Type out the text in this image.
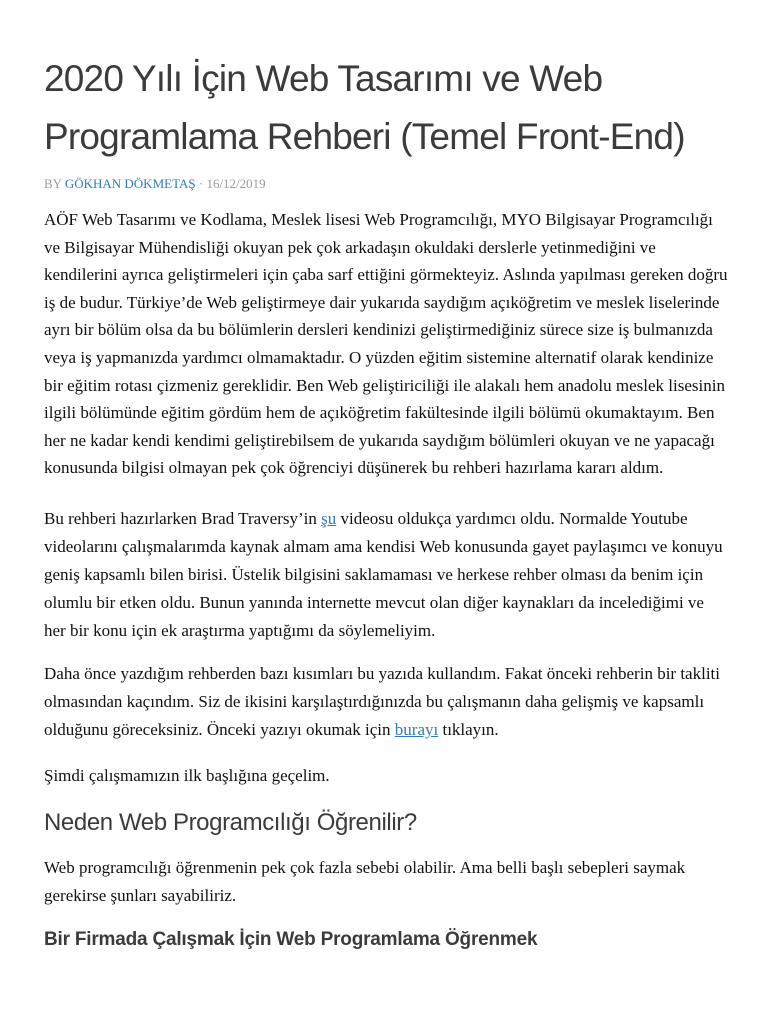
2020 Yılı İçin Web Tasarımı ve Web
Programlama Rehberi (Temel Front-End)
BY GÖKHAN DÖKMETAŞ · 16/12/2019

AÖF Web Tasarımı ve Kodlama, Meslek lisesi Web Programcılığı, MYO Bilgisayar Programcılığı
ve Bilgisayar Mühendisliği okuyan pek çok arkadaşın okuldaki derslerle yetinmediğini ve
kendilerini ayrıca geliştirmeleri için çaba sarf ettiğini görmekteyiz. Aslında yapılması gereken doğru
iş de budur. Türkiye’de Web geliştirmeye dair yukarıda saydığım açıköğretim ve meslek liselerinde
ayrı bir bölüm olsa da bu bölümlerin dersleri kendinizi geliştirmediğiniz sürece size iş bulmanızda
veya iş yapmanızda yardımcı olmamaktadır. O yüzden eğitim sistemine alternatif olarak kendinize
bir eğitim rotası çizmeniz gereklidir. Ben Web geliştiriciliği ile alakalı hem anadolu meslek lisesinin
ilgili bölümünde eğitim gördüm hem de açıköğretim fakültesinde ilgili bölümü okumaktayım. Ben
her ne kadar kendi kendimi geliştirebilsem de yukarıda saydığım bölümleri okuyan ve ne yapacağı
konusunda bilgisi olmayan pek çok öğrenciyi düşünerek bu rehberi hazırlama kararı aldım.

Bu rehberi hazırlarken Brad Traversy’in şu videosu oldukça yardımcı oldu. Normalde Youtube
videolarını çalışmalarımda kaynak almam ama kendisi Web konusunda gayet paylaşımcı ve konuyu
geniş kapsamlı bilen birisi. Üstelik bilgisini saklamaması ve herkese rehber olması da benim için
olumlu bir etken oldu. Bunun yanında internette mevcut olan diğer kaynakları da incelediğimi ve
her bir konu için ek araştırma yaptığımı da söylemeliyim.

Daha önce yazdığım rehberden bazı kısımları bu yazıda kullandım. Fakat önceki rehberin bir takliti
olmasından kaçındım. Siz de ikisini karşılaştırdığınızda bu çalışmanın daha gelişmiş ve kapsamlı
olduğunu göreceksiniz. Önceki yazıyı okumak için burayı tıklayın.

Şimdi çalışmamızın ilk başlığına geçelim.

Neden Web Programcılığı Öğrenilir?

Web programcılığı öğrenmenin pek çok fazla sebebi olabilir. Ama belli başlı sebepleri saymak
gerekirse şunları sayabiliriz.

Bir Firmada Çalışmak İçin Web Programlama Öğrenmek
